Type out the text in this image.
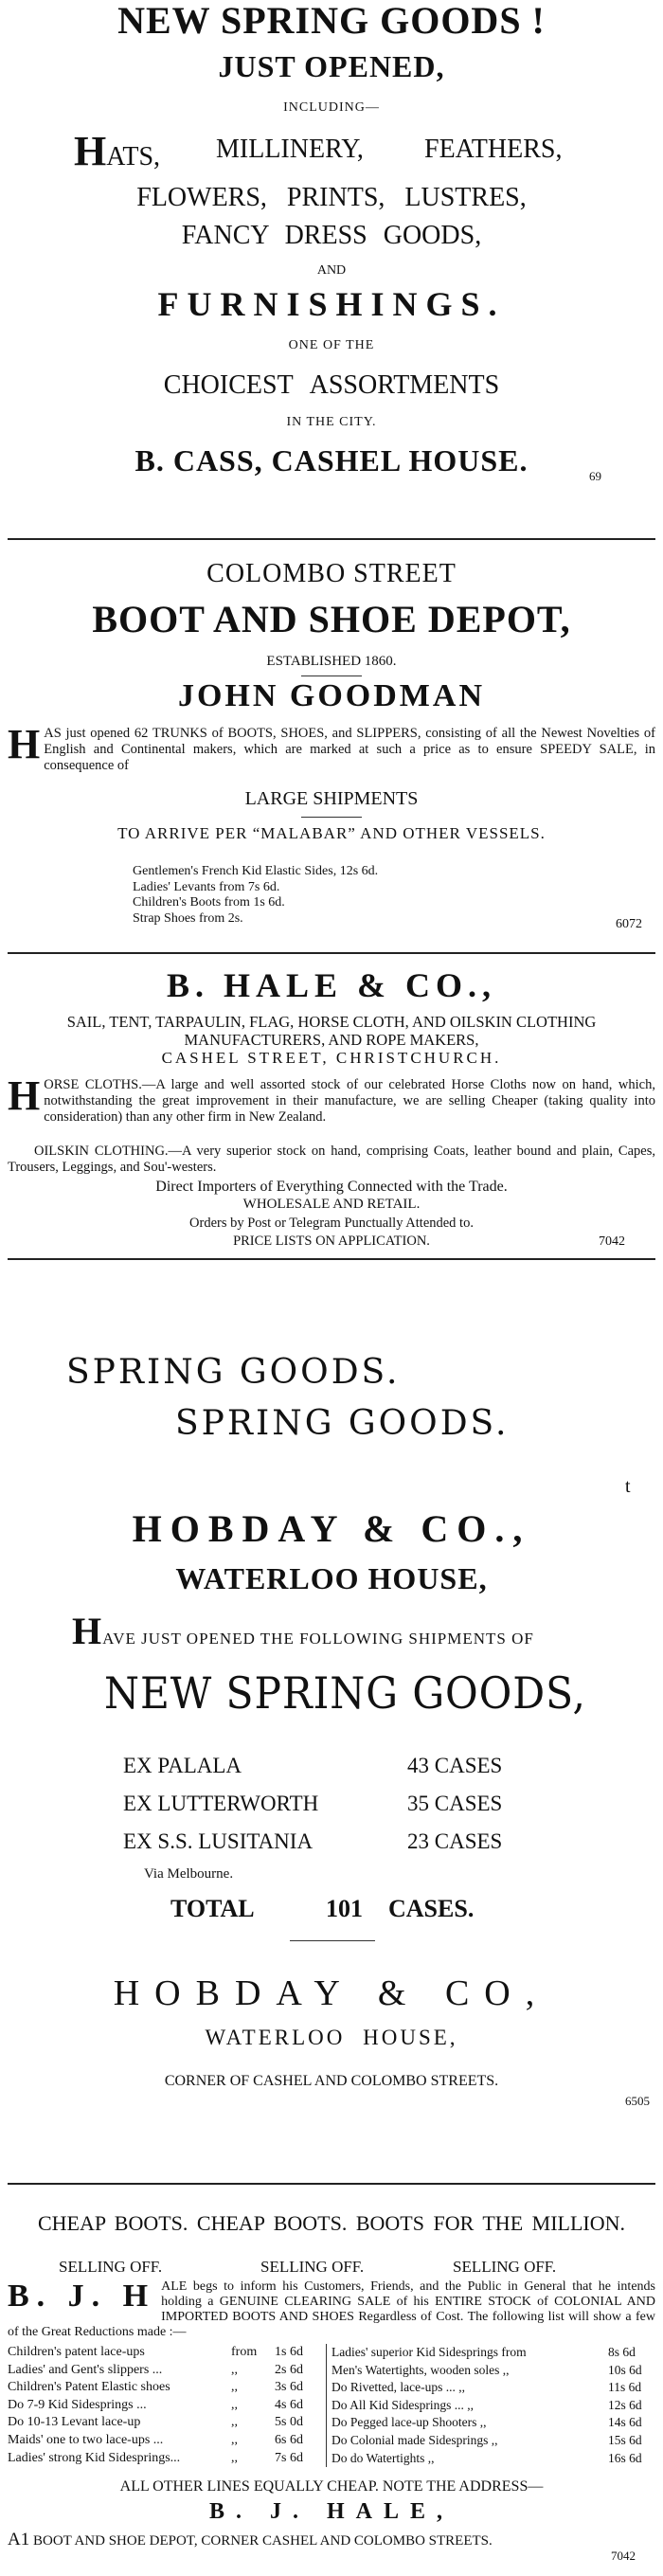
NEW SPRING GOODS !
JUST OPENED,
INCLUDING—
HATS, MILLINERY, FEATHERS,
FLOWERS, PRINTS, LUSTRES,
FANCY DRESS GOODS,
AND
FURNISHINGS.
ONE OF THE
CHOICEST ASSORTMENTS
IN THE CITY.
B. CASS, CASHEL HOUSE.	69
COLOMBO STREET
BOOT AND SHOE DEPOT,
ESTABLISHED 1860.
JOHN GOODMAN
HAS just opened 62 TRUNKS of BOOTS, SHOES, and SLIPPERS, consisting of all the Newest Novelties of English and Continental makers, which are marked at such a price as to ensure SPEEDY SALE, in consequence of
LARGE SHIPMENTS
TO ARRIVE PER “MALABAR” AND OTHER VESSELS.
Gentlemen's French Kid Elastic Sides, 12s 6d.
Ladies' Levants from 7s 6d.
Children's Boots from 1s 6d.
Strap Shoes from 2s.	6072
B. HALE & CO.,
SAIL, TENT, TARPAULIN, FLAG, HORSE CLOTH, AND OILSKIN CLOTHING
MANUFACTURERS, AND ROPE MAKERS,
CASHEL STREET, CHRISTCHURCH.
HORSE CLOTHS.—A large and well assorted stock of our celebrated Horse Cloths now on hand, which, notwithstanding the great improvement in their manufacture, we are selling Cheaper (taking quality into consideration) than any other firm in New Zealand.
OILSKIN CLOTHING.—A very superior stock on hand, comprising Coats, leather bound and plain, Capes, Trousers, Leggings, and Sou'-westers.
Direct Importers of Everything Connected with the Trade.
WHOLESALE AND RETAIL.
Orders by Post or Telegram Punctually Attended to.
PRICE LISTS ON APPLICATION.	7042
SPRING GOODS.
SPRING GOODS.
t
HOBDAY & CO.,
WATERLOO HOUSE,
HAVE JUST OPENED THE FOLLOWING SHIPMENTS OF
NEW SPRING GOODS,
EX PALALA	43 CASES
EX LUTTERWORTH	35 CASES
EX S.S. LUSITANIA	23 CASES
Via Melbourne.
TOTAL	101 CASES.
HOBDAY & CO,
WATERLOO HOUSE,
CORNER OF CASHEL AND COLOMBO STREETS.
6505
CHEAP BOOTS. CHEAP BOOTS. BOOTS FOR THE MILLION.
SELLING OFF.	SELLING OFF.	SELLING OFF.
B. J. H ALE begs to inform his Customers, Friends, and the Public in General that he intends holding a GENUINE CLEARING SALE of his ENTIRE STOCK of COLONIAL AND IMPORTED BOOTS AND SHOES Regardless of Cost. The following list will show a few of the Great Reductions made :—
Children's patent lace-ups	from 1s 6d
Ladies' and Gent's slippers ...	,,	2s 6d
Children's Patent Elastic shoes	,,	3s 6d
Do 7-9 Kid Sidesprings ...	,,	4s 6d
Do 10-13 Levant lace-up	,,	5s 0d
Maids' one to two lace-ups ...	,,	6s 6d
Ladies' strong Kid Sidesprings...	,,	7s 6d
Ladies' superior Kid Sidesprings from	8s 6d
Men's Watertights, wooden soles ,,	10s 6d
Do Rivetted, lace-ups ... ,,	11s 6d
Do All Kid Sidesprings ... ,,	12s 6d
Do Pegged lace-up Shooters ,,	14s 6d
Do Colonial made Sidesprings ,,	15s 6d
Do do Watertights ,,	16s 6d
ALL OTHER LINES EQUALLY CHEAP. NOTE THE ADDRESS—
B. J. HALE,
A1 BOOT AND SHOE DEPOT, CORNER CASHEL AND COLOMBO STREETS.
7042
